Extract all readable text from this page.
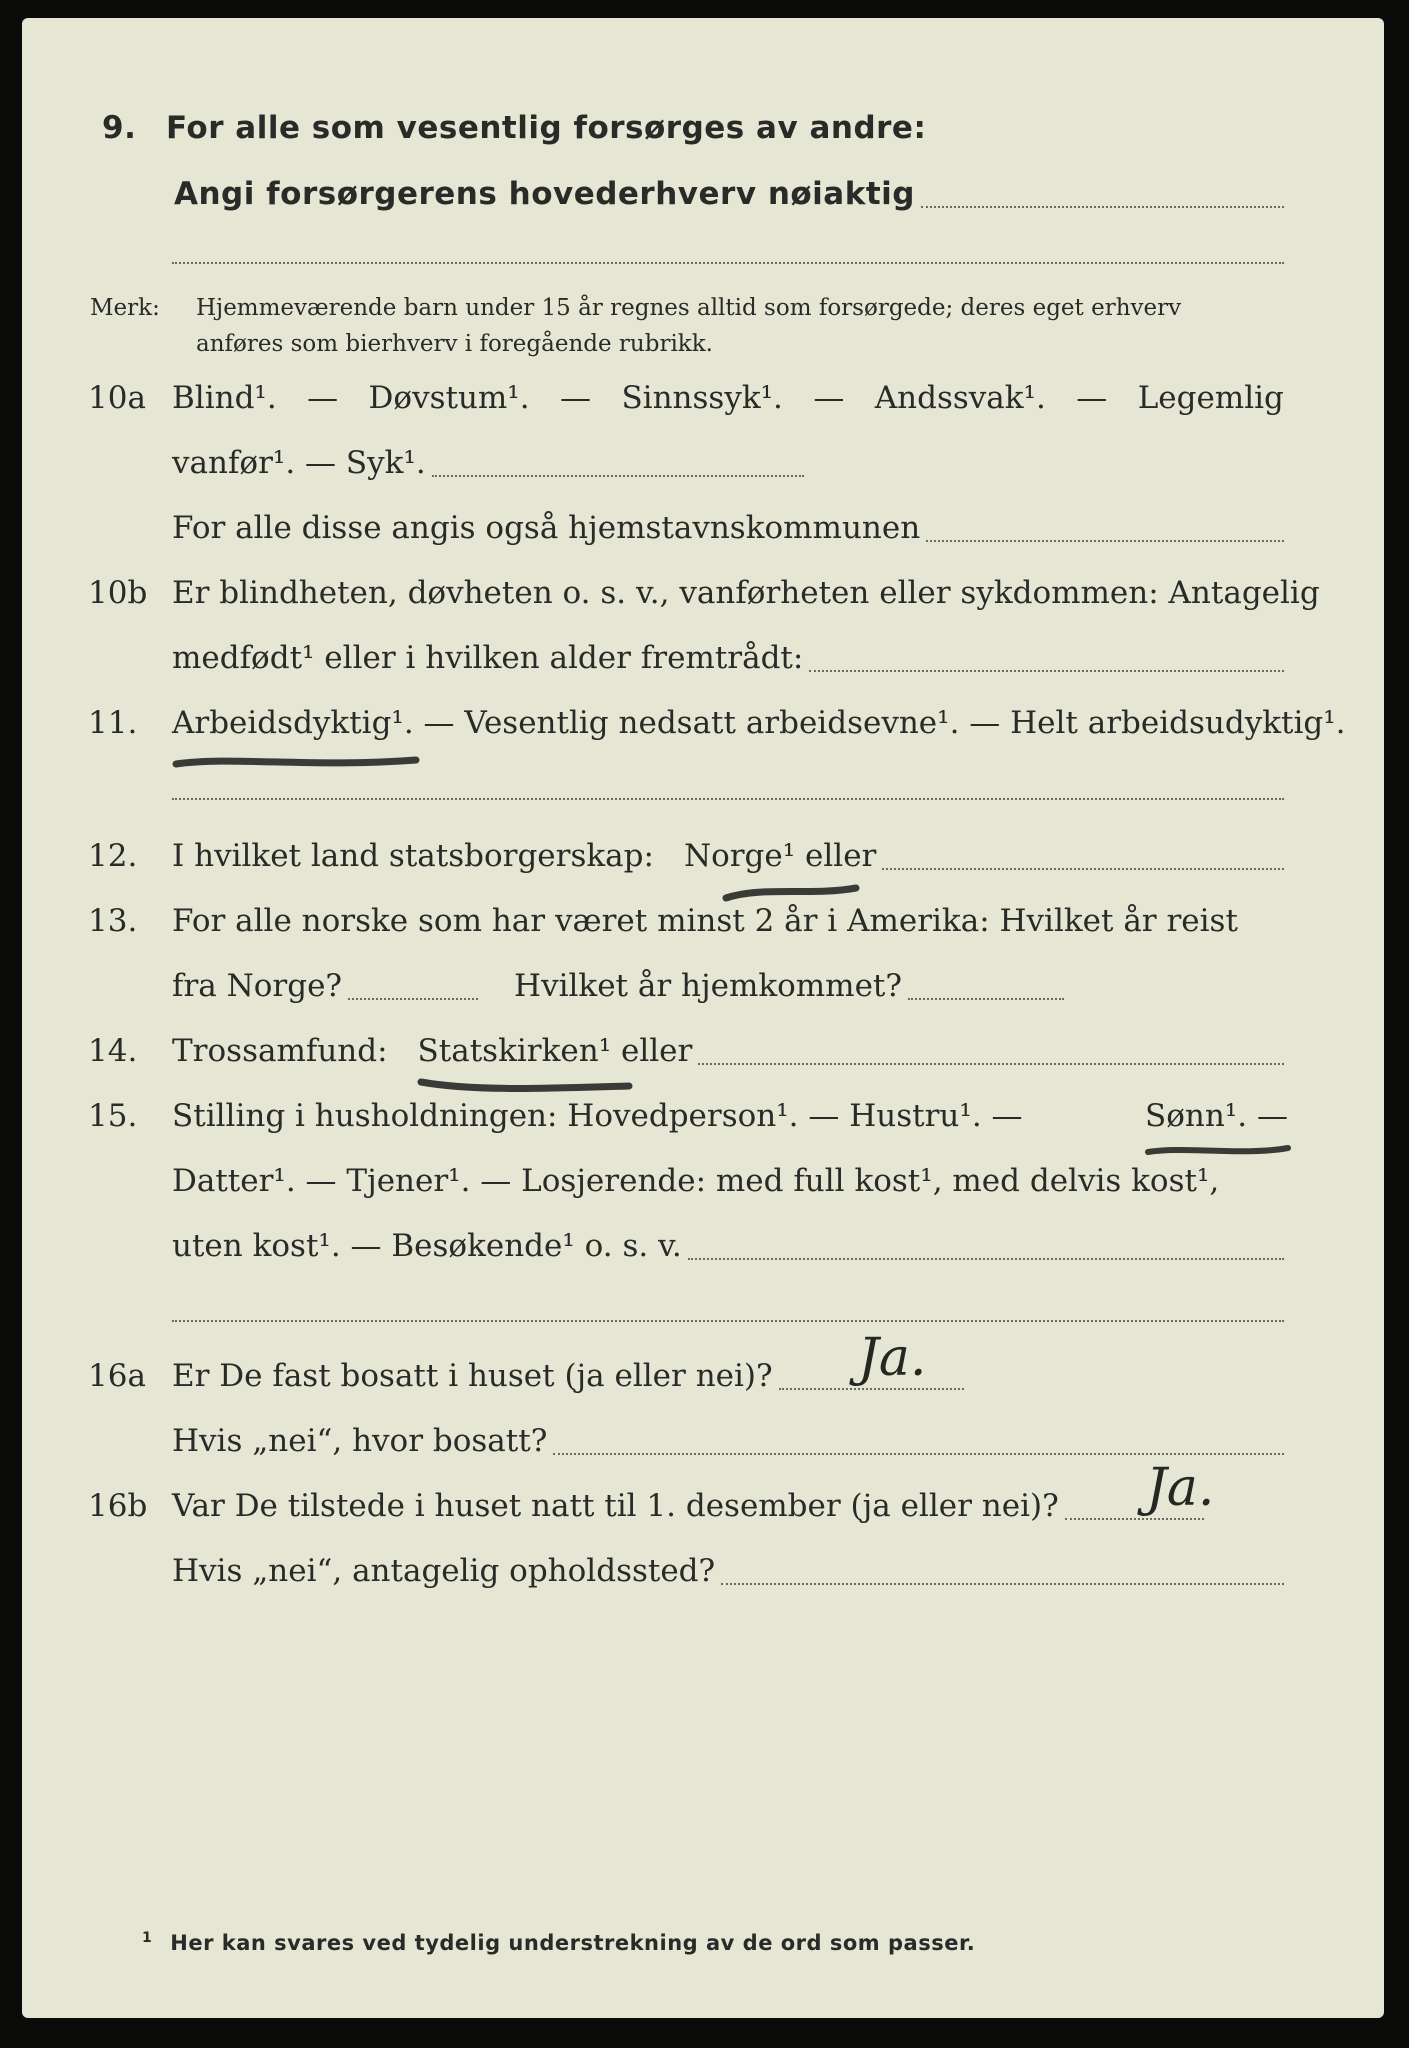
9. For alle som vesentlig forsørges av andre:
Angi forsørgerens hovederhverv nøiaktig
Merk: Hjemmeværende barn under 15 år regnes alltid som forsørgede; deres eget erhverv
anføres som bierhverv i foregående rubrikk.
10a Blind¹. — Døvstum¹. — Sinnssyk¹. — Andssvak¹. — Legemlig
vanfør¹. — Syk¹.
For alle disse angis også hjemstavnskommunen
10b Er blindheten, døvheten o. s. v., vanførheten eller sykdommen: Antagelig
medfødt¹ eller i hvilken alder fremtrådt:
11. Arbeidsdyktig ¹. — Vesentlig nedsatt arbeidsevne¹. — Helt arbeidsudyktig¹.
12. I hvilket land statsborgerskap: Norge ¹ eller
13. For alle norske som har været minst 2 år i Amerika: Hvilket år reist
fra Norge?	Hvilket år hjemkommet?
14. Trossamfund: Statskirken ¹ eller
15. Stilling i husholdningen: Hovedperson¹. — Hustru¹. —	Sønn ¹. —
Datter¹. — Tjener¹. — Losjerende: med full kost¹, med delvis kost¹,
uten kost¹. — Besøkende¹ o. s. v.
16a Er De fast bosatt i huset (ja eller nei)? Ja.
Hvis „nei“, hvor bosatt?
16b Var De tilstede i huset natt til 1. desember (ja eller nei)? Ja.
Hvis „nei“, antagelig opholdssted?
$^1$ Her kan svares ved tydelig understrekning av de ord som passer.
